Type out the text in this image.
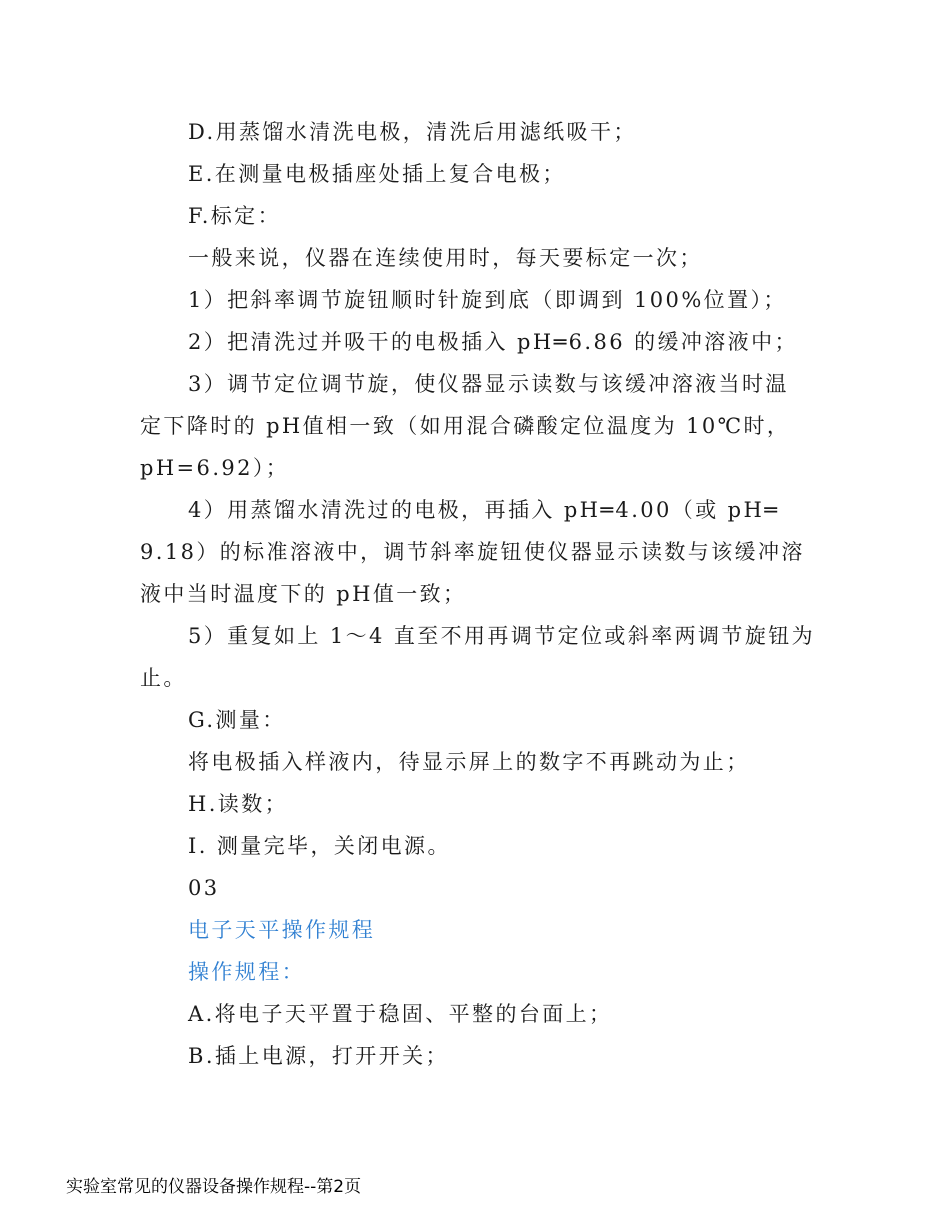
D.用蒸馏水清洗电极，清洗后用滤纸吸干；
E.在测量电极插座处插上复合电极；
F.标定：
一般来说，仪器在连续使用时，每天要标定一次；
1）把斜率调节旋钮顺时针旋到底（即调到 100%位置）；
2）把清洗过并吸干的电极插入 pH═6.86 的缓冲溶液中；
3）调节定位调节旋，使仪器显示读数与该缓冲溶液当时温
定下降时的 pH值相一致（如用混合磷酸定位温度为 10℃时，
pH=6.92）；
4）用蒸馏水清洗过的电极，再插入 pH═4.00（或 pH═
9.18）的标准溶液中，调节斜率旋钮使仪器显示读数与该缓冲溶
液中当时温度下的 pH值一致；
5）重复如上 1～4 直至不用再调节定位或斜率两调节旋钮为
止。
G.测量：
将电极插入样液内，待显示屏上的数字不再跳动为止；
H.读数；
I. 测量完毕，关闭电源。
03
电子天平操作规程
操作规程：
A.将电子天平置于稳固、平整的台面上；
B.插上电源，打开开关；
实验室常见的仪器设备操作规程--第2页
